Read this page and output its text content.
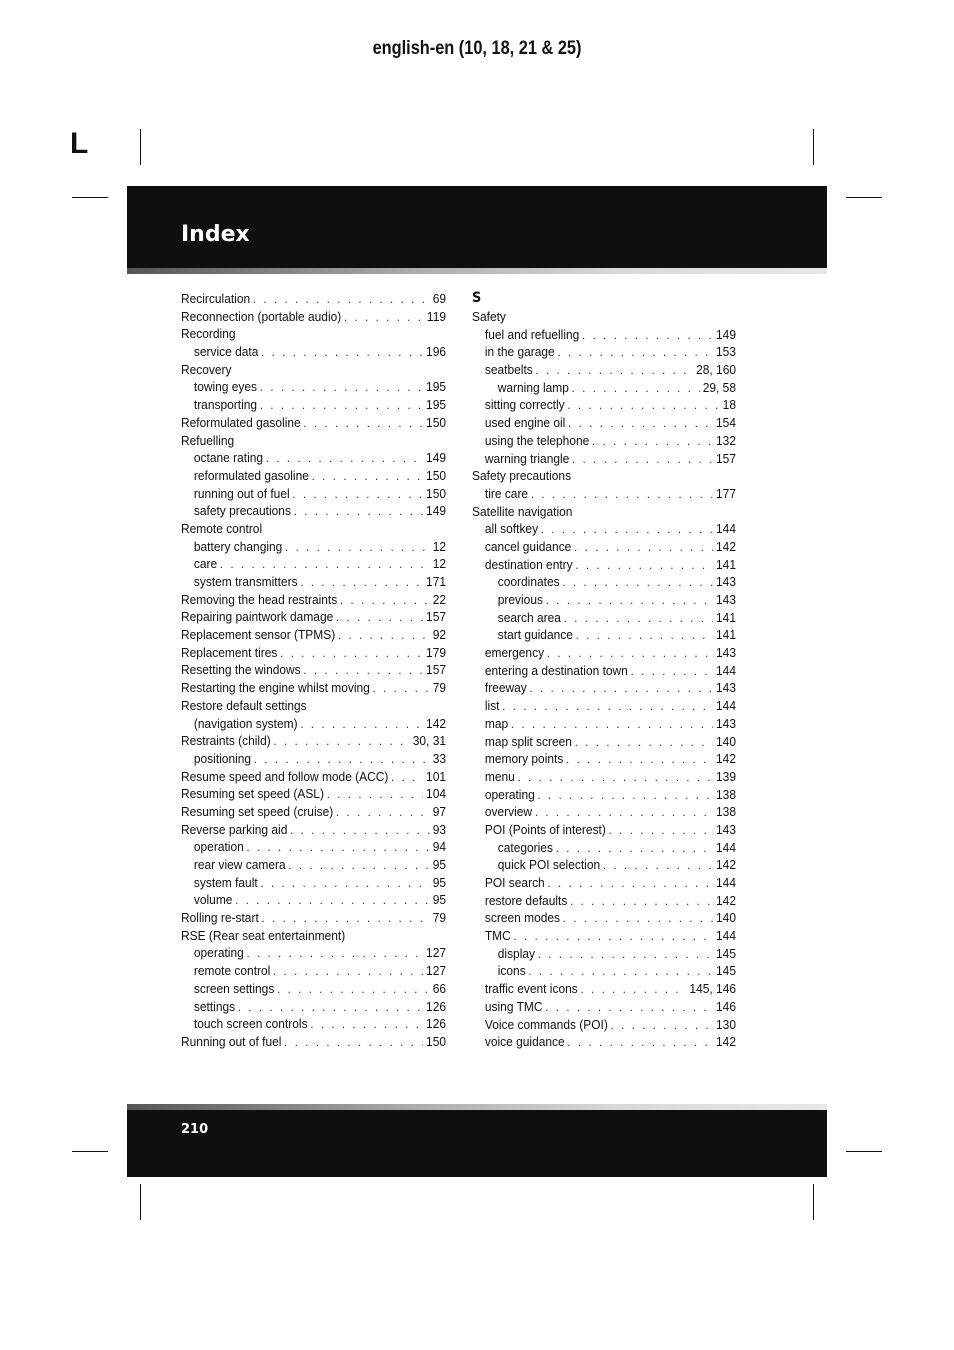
english-en (10, 18, 21 & 25)
L
Index
Recirculation . . .	69
Reconnection (portable audio) . . .	119
Recording
service data . . .	196
Recovery
towing eyes . . .	195
transporting . . .	195
Reformulated gasoline . . .	150
Refuelling
octane rating . . .	149
reformulated gasoline . . .	150
running out of fuel . . .	150
safety precautions . . .	149
Remote control
battery changing . . .	12
care . . .	12
system transmitters . . .	171
Removing the head restraints . . .	22
Repairing paintwork damage . . .	157
Replacement sensor (TPMS) . . .	92
Replacement tires . . .	179
Resetting the windows . . .	157
Restarting the engine whilst moving . . .	79
Restore default settings
(navigation system) . . .	142
Restraints (child) . . .	30, 31
positioning . . .	33
Resume speed and follow mode (ACC) . . .	101
Resuming set speed (ASL) . . .	104
Resuming set speed (cruise) . . .	97
Reverse parking aid . . .	93
operation . . .	94
rear view camera . . .	95
system fault . . .	95
volume . . .	95
Rolling re-start . . .	79
RSE (Rear seat entertainment)
operating . . .	127
remote control . . .	127
screen settings . . .	66
settings . . .	126
touch screen controls . . .	126
Running out of fuel . . .	150
S
Safety
fuel and refuelling . . .	149
in the garage . . .	153
seatbelts . . .	28, 160
warning lamp . . .	29, 58
sitting correctly . . .	18
used engine oil . . .	154
using the telephone . . .	132
warning triangle . . .	157
Safety precautions
tire care . . .	177
Satellite navigation
all softkey . . .	144
cancel guidance . . .	142
destination entry . . .	141
coordinates . . .	143
previous . . .	143
search area . . .	141
start guidance . . .	141
emergency . . .	143
entering a destination town . . .	144
freeway . . .	143
list . . .	144
map . . .	143
map split screen . . .	140
memory points . . .	142
menu . . .	139
operating . . .	138
overview . . .	138
POI (Points of interest) . . .	143
categories . . .	144
quick POI selection . . .	142
POI search . . .	144
restore defaults . . .	142
screen modes . . .	140
TMC . . .	144
display . . .	145
icons . . .	145
traffic event icons . . .	145, 146
using TMC . . .	146
Voice commands (POI) . . .	130
voice guidance . . .	142
210
